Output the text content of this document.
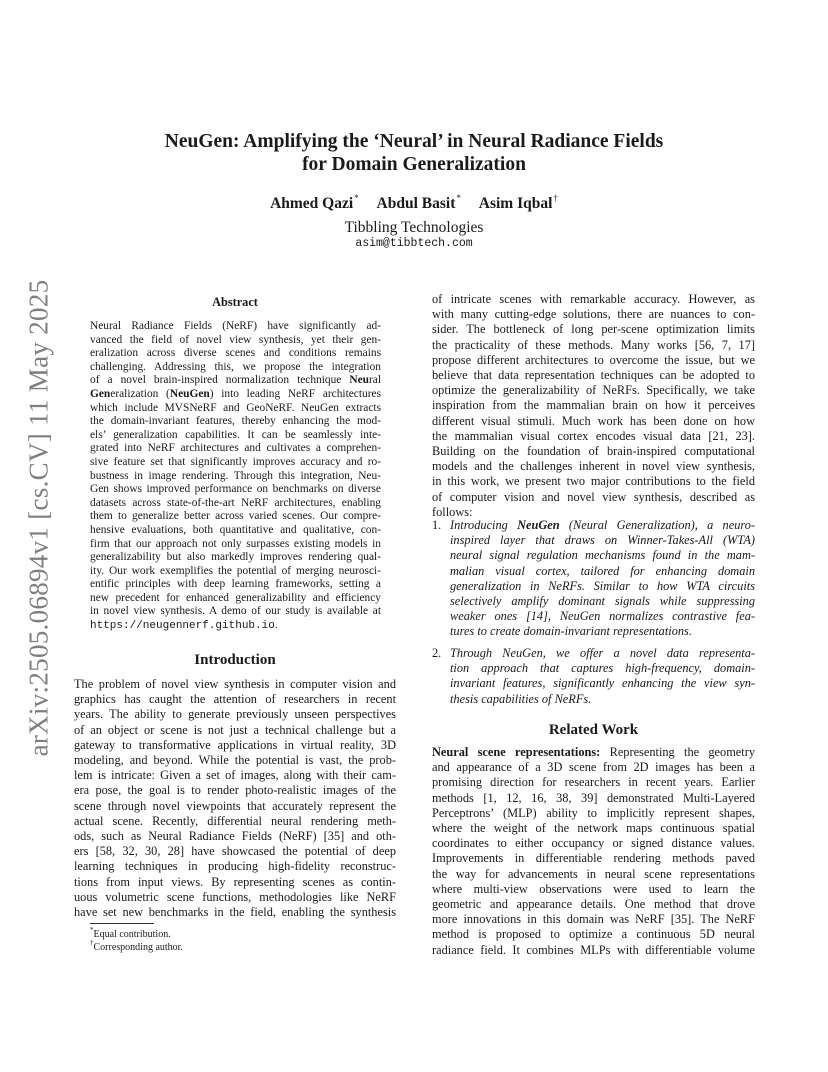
arXiv:2505.06894v1 [cs.CV] 11 May 2025
NeuGen: Amplifying the ‘Neural’ in Neural Radiance Fields
for Domain Generalization
Ahmed Qazi* Abdul Basit* Asim Iqbal†
Tibbling Technologies
asim@tibbtech.com
Abstract
Neural Radiance Fields (NeRF) have significantly ad-
vanced the field of novel view synthesis, yet their gen-
eralization across diverse scenes and conditions remains
challenging. Addressing this, we propose the integration
of a novel brain-inspired normalization technique Neural
Generalization (NeuGen) into leading NeRF architectures
which include MVSNeRF and GeoNeRF. NeuGen extracts
the domain-invariant features, thereby enhancing the mod-
els’ generalization capabilities. It can be seamlessly inte-
grated into NeRF architectures and cultivates a comprehen-
sive feature set that significantly improves accuracy and ro-
bustness in image rendering. Through this integration, Neu-
Gen shows improved performance on benchmarks on diverse
datasets across state-of-the-art NeRF architectures, enabling
them to generalize better across varied scenes. Our compre-
hensive evaluations, both quantitative and qualitative, con-
firm that our approach not only surpasses existing models in
generalizability but also markedly improves rendering qual-
ity. Our work exemplifies the potential of merging neurosci-
entific principles with deep learning frameworks, setting a
new precedent for enhanced generalizability and efficiency
in novel view synthesis. A demo of our study is available at
https://neugennerf.github.io.
Introduction
The problem of novel view synthesis in computer vision and
graphics has caught the attention of researchers in recent
years. The ability to generate previously unseen perspectives
of an object or scene is not just a technical challenge but a
gateway to transformative applications in virtual reality, 3D
modeling, and beyond. While the potential is vast, the prob-
lem is intricate: Given a set of images, along with their cam-
era pose, the goal is to render photo-realistic images of the
scene through novel viewpoints that accurately represent the
actual scene. Recently, differential neural rendering meth-
ods, such as Neural Radiance Fields (NeRF) [35] and oth-
ers [58, 32, 30, 28] have showcased the potential of deep
learning techniques in producing high-fidelity reconstruc-
tions from input views. By representing scenes as contin-
uous volumetric scene functions, methodologies like NeRF
have set new benchmarks in the field, enabling the synthesis
*Equal contribution.
†Corresponding author.
of intricate scenes with remarkable accuracy. However, as
with many cutting-edge solutions, there are nuances to con-
sider. The bottleneck of long per-scene optimization limits
the practicality of these methods. Many works [56, 7, 17]
propose different architectures to overcome the issue, but we
believe that data representation techniques can be adopted to
optimize the generalizability of NeRFs. Specifically, we take
inspiration from the mammalian brain on how it perceives
different visual stimuli. Much work has been done on how
the mammalian visual cortex encodes visual data [21, 23].
Building on the foundation of brain-inspired computational
models and the challenges inherent in novel view synthesis,
in this work, we present two major contributions to the field
of computer vision and novel view synthesis, described as
follows:
1. Introducing NeuGen (Neural Generalization), a neuro-
inspired layer that draws on Winner-Takes-All (WTA)
neural signal regulation mechanisms found in the mam-
malian visual cortex, tailored for enhancing domain
generalization in NeRFs. Similar to how WTA circuits
selectively amplify dominant signals while suppressing
weaker ones [14], NeuGen normalizes contrastive fea-
tures to create domain-invariant representations.
2. Through NeuGen, we offer a novel data representa-
tion approach that captures high-frequency, domain-
invariant features, significantly enhancing the view syn-
thesis capabilities of NeRFs.
Related Work
Neural scene representations: Representing the geometry
and appearance of a 3D scene from 2D images has been a
promising direction for researchers in recent years. Earlier
methods [1, 12, 16, 38, 39] demonstrated Multi-Layered
Perceptrons’ (MLP) ability to implicitly represent shapes,
where the weight of the network maps continuous spatial
coordinates to either occupancy or signed distance values.
Improvements in differentiable rendering methods paved
the way for advancements in neural scene representations
where multi-view observations were used to learn the
geometric and appearance details. One method that drove
more innovations in this domain was NeRF [35]. The NeRF
method is proposed to optimize a continuous 5D neural
radiance field. It combines MLPs with differentiable volume
